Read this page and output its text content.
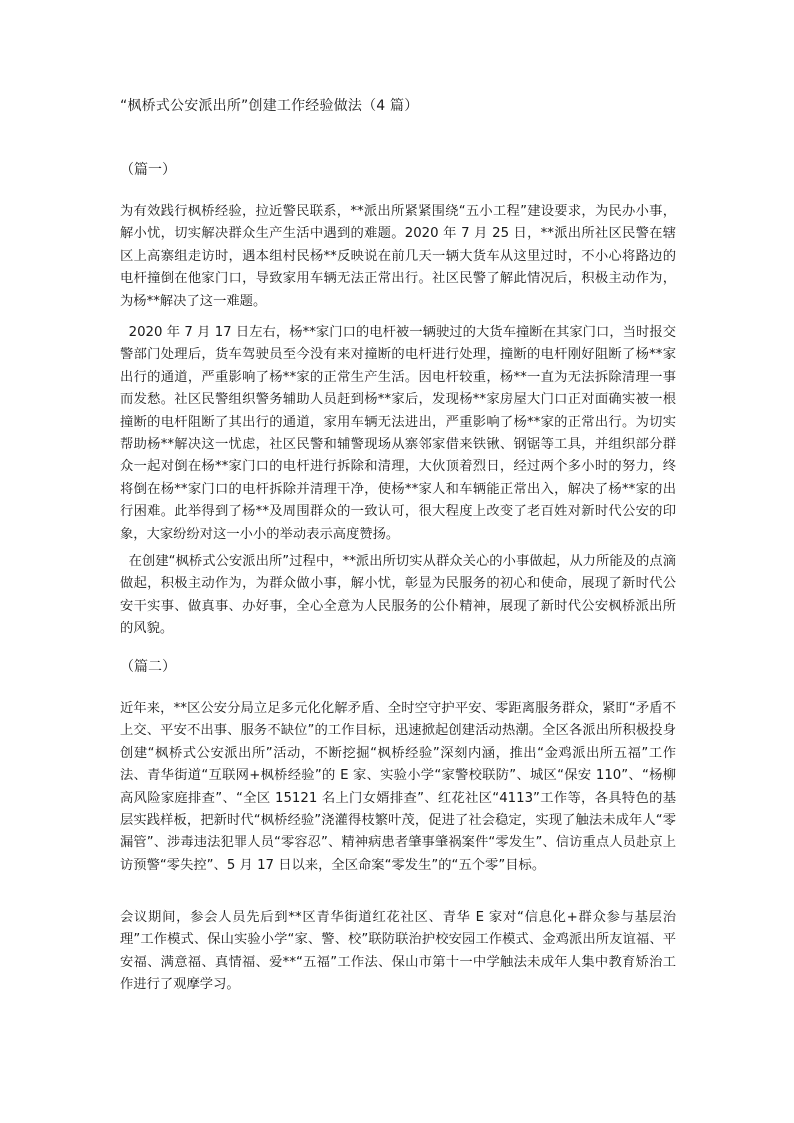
“枫桥式公安派出所”创建工作经验做法（4 篇）
（篇一）

为有效践行枫桥经验，拉近警民联系，**派出所紧紧围绕“五小工程”建设要求，为民办小事，解小忧，切实解决群众生产生活中遇到的难题。2020 年 7 月 25 日，**派出所社区民警在辖区上高寨组走访时，遇本组村民杨**反映说在前几天一辆大货车从这里过时，不小心将路边的电杆撞倒在他家门口，导致家用车辆无法正常出行。社区民警了解此情况后，积极主动作为，为杨**解决了这一难题。

2020 年 7 月 17 日左右，杨**家门口的电杆被一辆驶过的大货车撞断在其家门口，当时报交警部门处理后，货车驾驶员至今没有来对撞断的电杆进行处理，撞断的电杆刚好阻断了杨**家出行的通道，严重影响了杨**家的正常生产生活。因电杆较重，杨**一直为无法拆除清理一事而发愁。社区民警组织警务辅助人员赶到杨**家后，发现杨**家房屋大门口正对面确实被一根撞断的电杆阻断了其出行的通道，家用车辆无法进出，严重影响了杨**家的正常出行。为切实帮助杨**解决这一忧虑，社区民警和辅警现场从寨邻家借来铁锹、钢锯等工具，并组织部分群众一起对倒在杨**家门口的电杆进行拆除和清理，大伙顶着烈日，经过两个多小时的努力，终将倒在杨**家门口的电杆拆除并清理干净，使杨**家人和车辆能正常出入，解决了杨**家的出行困难。此举得到了杨**及周围群众的一致认可，很大程度上改变了老百姓对新时代公安的印象，大家纷纷对这一小小的举动表示高度赞扬。

在创建“枫桥式公安派出所”过程中，**派出所切实从群众关心的小事做起，从力所能及的点滴做起，积极主动作为，为群众做小事，解小忧，彰显为民服务的初心和使命，展现了新时代公安干实事、做真事、办好事，全心全意为人民服务的公仆精神，展现了新时代公安枫桥派出所的风貌。

（篇二）

近年来，**区公安分局立足多元化化解矛盾、全时空守护平安、零距离服务群众，紧盯“矛盾不上交、平安不出事、服务不缺位”的工作目标，迅速掀起创建活动热潮。全区各派出所积极投身创建“枫桥式公安派出所”活动，不断挖掘“枫桥经验”深刻内涵，推出“金鸡派出所五福”工作法、青华街道“互联网+枫桥经验”的 E 家、实验小学“家警校联防”、城区“保安 110”、“杨柳高风险家庭排查”、“全区 15121 名上门女婿排查”、红花社区“4113”工作等，各具特色的基层实践样板，把新时代“枫桥经验”浇灌得枝繁叶茂，促进了社会稳定，实现了触法未成年人“零漏管”、涉毒违法犯罪人员“零容忍”、精神病患者肇事肇祸案件“零发生”、信访重点人员赴京上访预警“零失控”、5 月 17 日以来，全区命案“零发生”的“五个零”目标。

会议期间，参会人员先后到**区青华街道红花社区、青华 E 家对“信息化+群众参与基层治理”工作模式、保山实验小学“家、警、校”联防联治护校安园工作模式、金鸡派出所友谊福、平安福、满意福、真情福、爱**“五福”工作法、保山市第十一中学触法未成年人集中教育矫治工作进行了观摩学习。
